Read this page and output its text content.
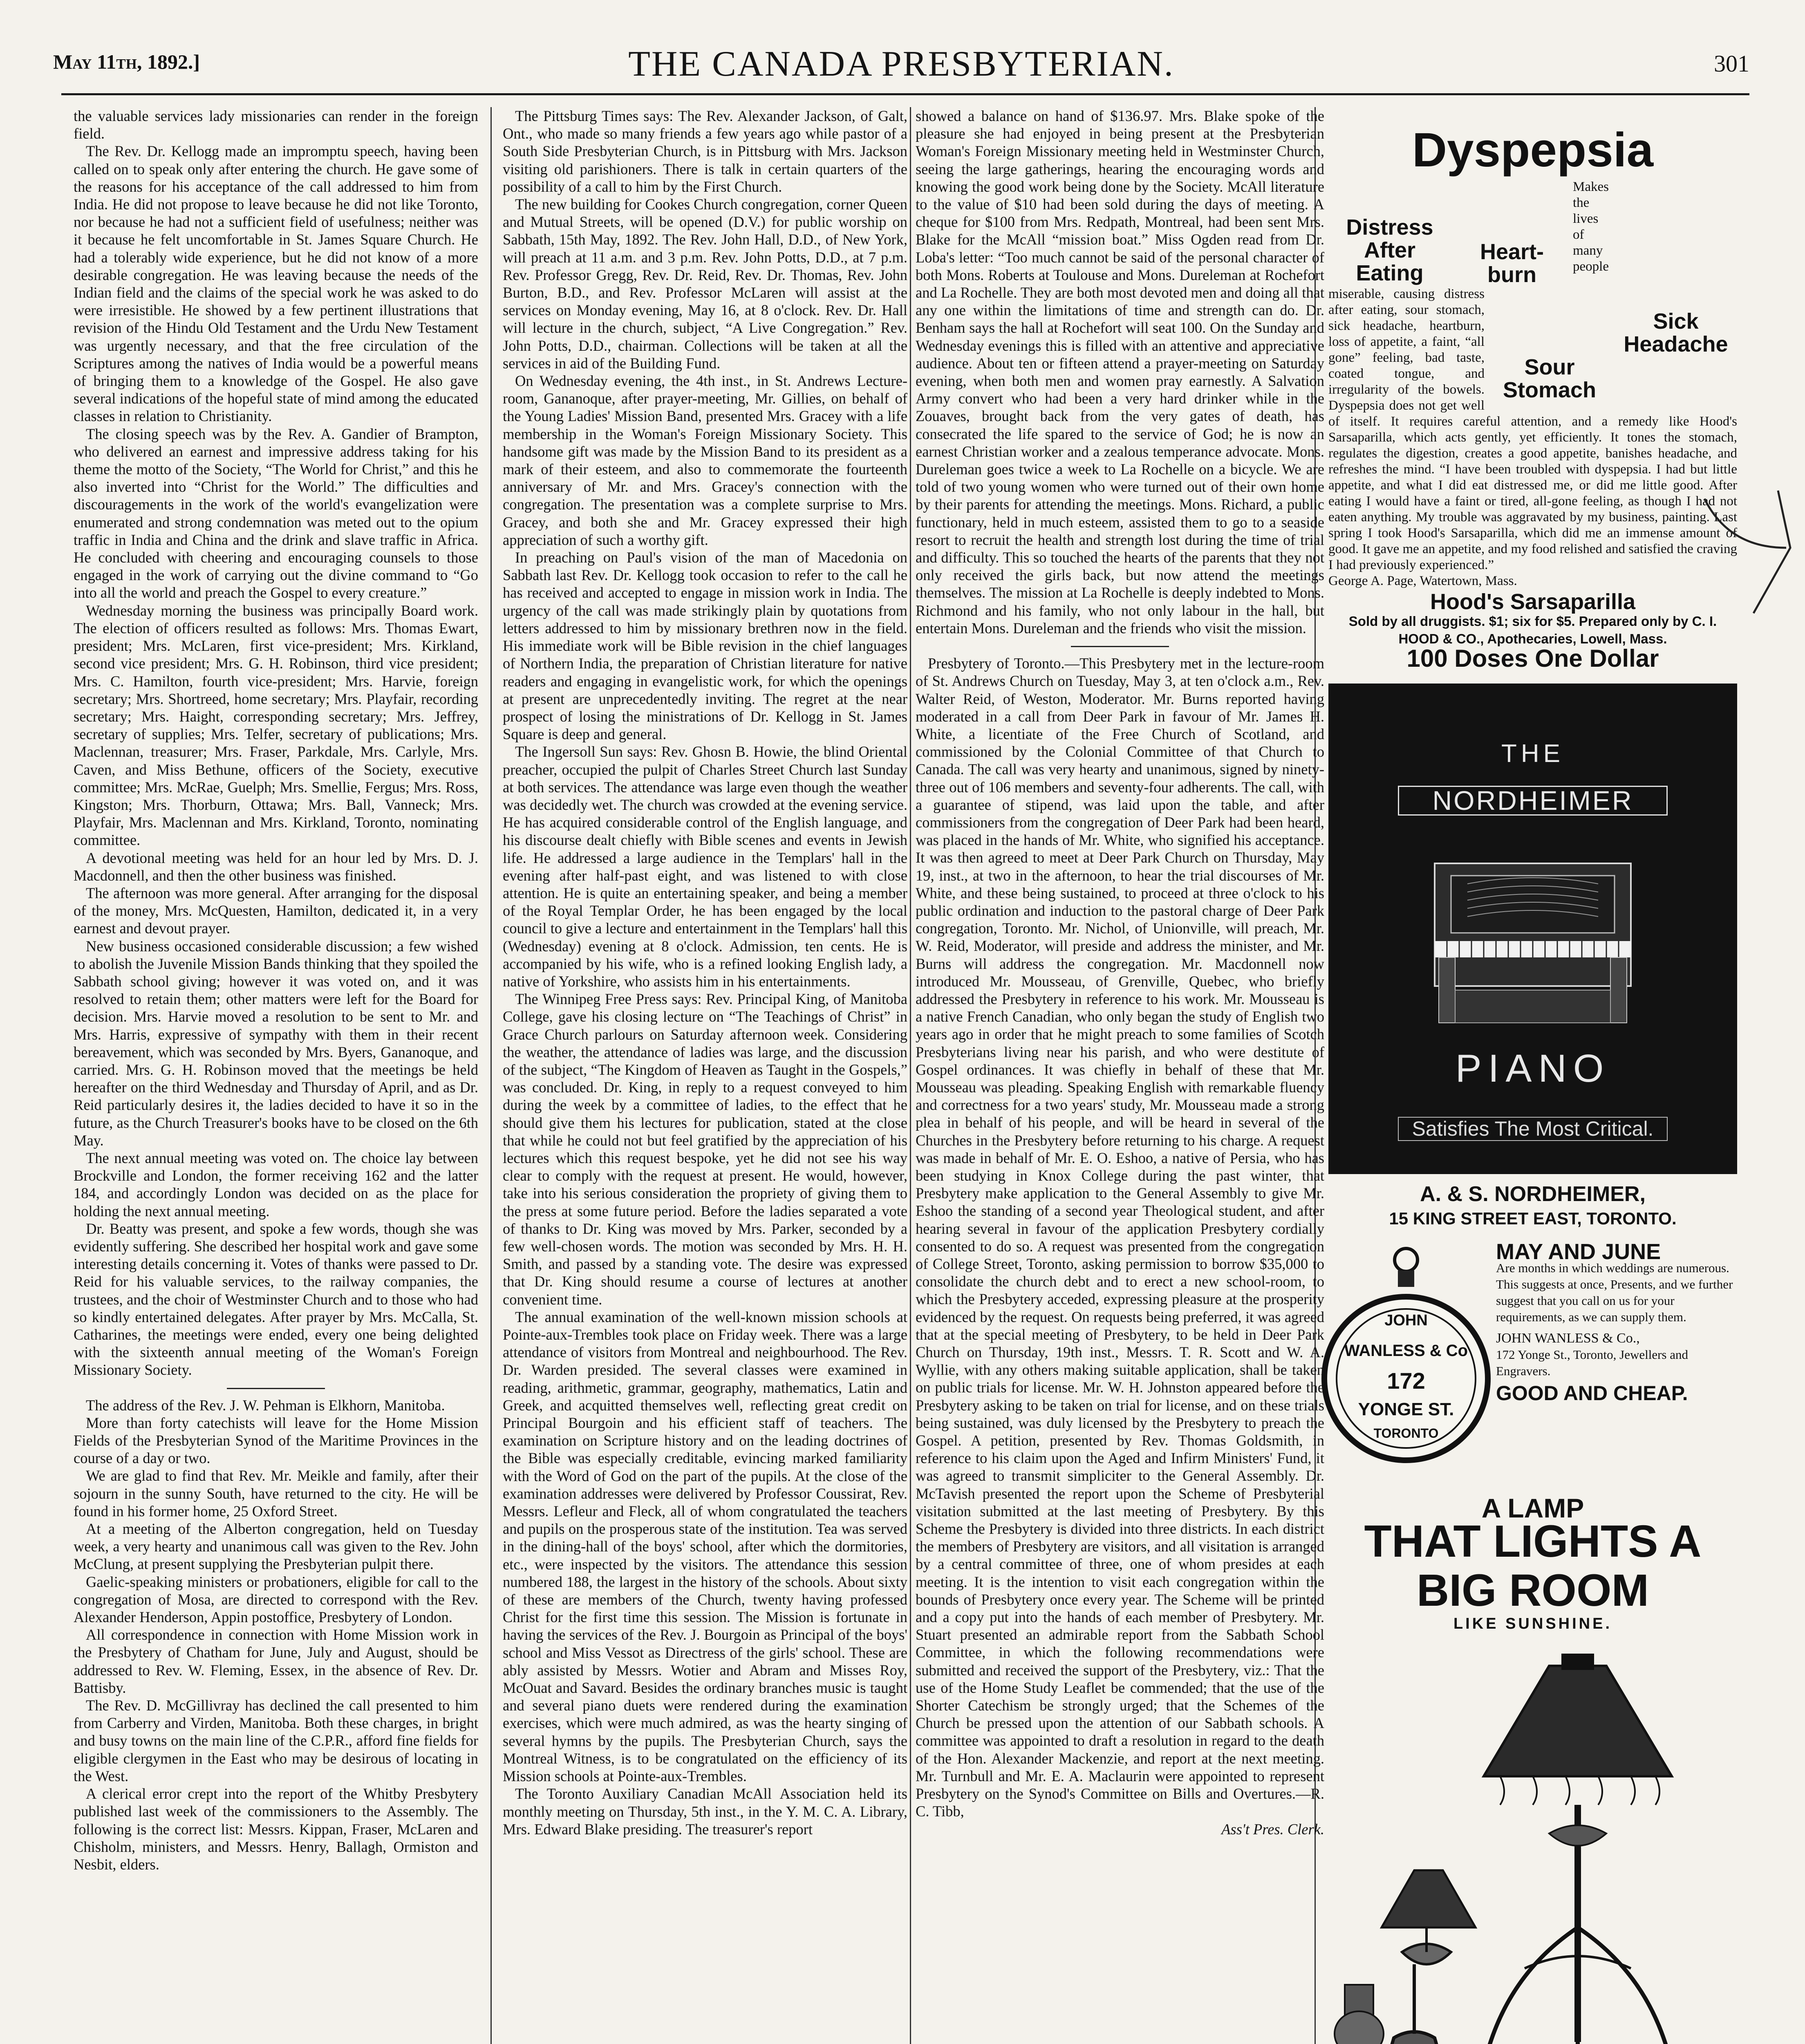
May 11th, 1892.]	THE CANADA PRESBYTERIAN.	301

the valuable services lady missionaries can render in the foreign field.

The Rev. Dr. Kellogg made an impromptu speech, having been called on to speak only after entering the church. He gave some of the reasons for his acceptance of the call addressed to him from India. He did not propose to leave because he did not like Toronto, nor because he had not a sufficient field of usefulness; neither was it because he felt uncomfortable in St. James Square Church. He had a tolerably wide experience, but he did not know of a more desirable congregation. He was leaving because the needs of the Indian field and the claims of the special work he was asked to do were irresistible. He showed by a few pertinent illustrations that revision of the Hindu Old Testament and the Urdu New Testament was urgently necessary, and that the free circulation of the Scriptures among the natives of India would be a powerful means of bringing them to a knowledge of the Gospel. He also gave several indications of the hopeful state of mind among the educated classes in relation to Christianity.

The closing speech was by the Rev. A. Gandier of Brampton, who delivered an earnest and impressive address taking for his theme the motto of the Society, “The World for Christ,” and this he also inverted into “Christ for the World.” The difficulties and discouragements in the work of the world's evangelization were enumerated and strong condemnation was meted out to the opium traffic in India and China and the drink and slave traffic in Africa. He concluded with cheering and encouraging counsels to those engaged in the work of carrying out the divine command to “Go into all the world and preach the Gospel to every creature.”

Wednesday morning the business was principally Board work. The election of officers resulted as follows: Mrs. Thomas Ewart, president; Mrs. McLaren, first vice-president; Mrs. Kirkland, second vice president; Mrs. G. H. Robinson, third vice president; Mrs. C. Hamilton, fourth vice-president; Mrs. Harvie, foreign secretary; Mrs. Shortreed, home secretary; Mrs. Playfair, recording secretary; Mrs. Haight, corresponding secretary; Mrs. Jeffrey, secretary of supplies; Mrs. Telfer, secretary of publications; Mrs. Maclennan, treasurer; Mrs. Fraser, Parkdale, Mrs. Carlyle, Mrs. Caven, and Miss Bethune, officers of the Society, executive committee; Mrs. McRae, Guelph; Mrs. Smellie, Fergus; Mrs. Ross, Kingston; Mrs. Thorburn, Ottawa; Mrs. Ball, Vanneck; Mrs. Playfair, Mrs. Maclennan and Mrs. Kirkland, Toronto, nominating committee.

A devotional meeting was held for an hour led by Mrs. D. J. Macdonnell, and then the other business was finished.

The afternoon was more general. After arranging for the disposal of the money, Mrs. McQuesten, Hamilton, dedicated it, in a very earnest and devout prayer.

New business occasioned considerable discussion; a few wished to abolish the Juvenile Mission Bands thinking that they spoiled the Sabbath school giving; however it was voted on, and it was resolved to retain them; other matters were left for the Board for decision. Mrs. Harvie moved a resolution to be sent to Mr. and Mrs. Harris, expressive of sympathy with them in their recent bereavement, which was seconded by Mrs. Byers, Gananoque, and carried. Mrs. G. H. Robinson moved that the meetings be held hereafter on the third Wednesday and Thursday of April, and as Dr. Reid particularly desires it, the ladies decided to have it so in the future, as the Church Treasurer's books have to be closed on the 6th May.

The next annual meeting was voted on. The choice lay between Brockville and London, the former receiving 162 and the latter 184, and accordingly London was decided on as the place for holding the next annual meeting.

Dr. Beatty was present, and spoke a few words, though she was evidently suffering. She described her hospital work and gave some interesting details concerning it. Votes of thanks were passed to Dr. Reid for his valuable services, to the railway companies, the trustees, and the choir of Westminster Church and to those who had so kindly entertained delegates. After prayer by Mrs. McCalla, St. Catharines, the meetings were ended, every one being delighted with the sixteenth annual meeting of the Woman's Foreign Missionary Society.

The address of the Rev. J. W. Pehman is Elkhorn, Manitoba.

More than forty catechists will leave for the Home Mission Fields of the Presbyterian Synod of the Maritime Provinces in the course of a day or two.

We are glad to find that Rev. Mr. Meikle and family, after their sojourn in the sunny South, have returned to the city. He will be found in his former home, 25 Oxford Street.

At a meeting of the Alberton congregation, held on Tuesday week, a very hearty and unanimous call was given to the Rev. John McClung, at present supplying the Presbyterian pulpit there.

Gaelic-speaking ministers or probationers, eligible for call to the congregation of Mosa, are directed to correspond with the Rev. Alexander Henderson, Appin postoffice, Presbytery of London.

All correspondence in connection with Home Mission work in the Presbytery of Chatham for June, July and August, should be addressed to Rev. W. Fleming, Essex, in the absence of Rev. Dr. Battisby.

The Rev. D. McGillivray has declined the call presented to him from Carberry and Virden, Manitoba. Both these charges, in bright and busy towns on the main line of the C.P.R., afford fine fields for eligible clergymen in the East who may be desirous of locating in the West.

A clerical error crept into the report of the Whitby Presbytery published last week of the commissioners to the Assembly. The following is the correct list: Messrs. Kippan, Fraser, McLaren and Chisholm, ministers, and Messrs. Henry, Ballagh, Ormiston and Nesbit, elders.

The Pittsburg Times says: The Rev. Alexander Jackson, of Galt, Ont., who made so many friends a few years ago while pastor of a South Side Presbyterian Church, is in Pittsburg with Mrs. Jackson visiting old parishioners. There is talk in certain quarters of the possibility of a call to him by the First Church.

The new building for Cookes Church congregation, corner Queen and Mutual Streets, will be opened (D.V.) for public worship on Sabbath, 15th May, 1892. The Rev. John Hall, D.D., of New York, will preach at 11 a.m. and 3 p.m. Rev. John Potts, D.D., at 7 p.m. Rev. Professor Gregg, Rev. Dr. Reid, Rev. Dr. Thomas, Rev. John Burton, B.D., and Rev. Professor McLaren will assist at the services on Monday evening, May 16, at 8 o'clock. Rev. Dr. Hall will lecture in the church, subject, “A Live Congregation.” Rev. John Potts, D.D., chairman. Collections will be taken at all the services in aid of the Building Fund.

On Wednesday evening, the 4th inst., in St. Andrews Lecture-room, Gananoque, after prayer-meeting, Mr. Gillies, on behalf of the Young Ladies' Mission Band, presented Mrs. Gracey with a life membership in the Woman's Foreign Missionary Society. This handsome gift was made by the Mission Band to its president as a mark of their esteem, and also to commemorate the fourteenth anniversary of Mr. and Mrs. Gracey's connection with the congregation. The presentation was a complete surprise to Mrs. Gracey, and both she and Mr. Gracey expressed their high appreciation of such a worthy gift.

In preaching on Paul's vision of the man of Macedonia on Sabbath last Rev. Dr. Kellogg took occasion to refer to the call he has received and accepted to engage in mission work in India. The urgency of the call was made strikingly plain by quotations from letters addressed to him by missionary brethren now in the field. His immediate work will be Bible revision in the chief languages of Northern India, the preparation of Christian literature for native readers and engaging in evangelistic work, for which the openings at present are unprecedentedly inviting. The regret at the near prospect of losing the ministrations of Dr. Kellogg in St. James Square is deep and general.

The Ingersoll Sun says: Rev. Ghosn B. Howie, the blind Oriental preacher, occupied the pulpit of Charles Street Church last Sunday at both services. The attendance was large even though the weather was decidedly wet. The church was crowded at the evening service. He has acquired considerable control of the English language, and his discourse dealt chiefly with Bible scenes and events in Jewish life. He addressed a large audience in the Templars' hall in the evening after half-past eight, and was listened to with close attention. He is quite an entertaining speaker, and being a member of the Royal Templar Order, he has been engaged by the local council to give a lecture and entertainment in the Templars' hall this (Wednesday) evening at 8 o'clock. Admission, ten cents. He is accompanied by his wife, who is a refined looking English lady, a native of Yorkshire, who assists him in his entertainments.

The Winnipeg Free Press says: Rev. Principal King, of Manitoba College, gave his closing lecture on “The Teachings of Christ” in Grace Church parlours on Saturday afternoon week. Considering the weather, the attendance of ladies was large, and the discussion of the subject, “The Kingdom of Heaven as Taught in the Gospels,” was concluded. Dr. King, in reply to a request conveyed to him during the week by a committee of ladies, to the effect that he should give them his lectures for publication, stated at the close that while he could not but feel gratified by the appreciation of his lectures which this request bespoke, yet he did not see his way clear to comply with the request at present. He would, however, take into his serious consideration the propriety of giving them to the press at some future period. Before the ladies separated a vote of thanks to Dr. King was moved by Mrs. Parker, seconded by a few well-chosen words. The motion was seconded by Mrs. H. H. Smith, and passed by a standing vote. The desire was expressed that Dr. King should resume a course of lectures at another convenient time.

The annual examination of the well-known mission schools at Pointe-aux-Trembles took place on Friday week. There was a large attendance of visitors from Montreal and neighbourhood. The Rev. Dr. Warden presided. The several classes were examined in reading, arithmetic, grammar, geography, mathematics, Latin and Greek, and acquitted themselves well, reflecting great credit on Principal Bourgoin and his efficient staff of teachers. The examination on Scripture history and on the leading doctrines of the Bible was especially creditable, evincing marked familiarity with the Word of God on the part of the pupils. At the close of the examination addresses were delivered by Professor Coussirat, Rev. Messrs. Lefleur and Fleck, all of whom congratulated the teachers and pupils on the prosperous state of the institution. Tea was served in the dining-hall of the boys' school, after which the dormitories, etc., were inspected by the visitors. The attendance this session numbered 188, the largest in the history of the schools. About sixty of these are members of the Church, twenty having professed Christ for the first time this session. The Mission is fortunate in having the services of the Rev. J. Bourgoin as Principal of the boys' school and Miss Vessot as Directress of the girls' school. These are ably assisted by Messrs. Wotier and Abram and Misses Roy, McOuat and Savard. Besides the ordinary branches music is taught and several piano duets were rendered during the examination exercises, which were much admired, as was the hearty singing of several hymns by the pupils. The Presbyterian Church, says the Montreal Witness, is to be congratulated on the efficiency of its Mission schools at Pointe-aux-Trembles.

The Toronto Auxiliary Canadian McAll Association held its monthly meeting on Thursday, 5th inst., in the Y. M. C. A. Library, Mrs. Edward Blake presiding. The treasurer's report

showed a balance on hand of $136.97. Mrs. Blake spoke of the pleasure she had enjoyed in being present at the Presbyterian Woman's Foreign Missionary meeting held in Westminster Church, seeing the large gatherings, hearing the encouraging words and knowing the good work being done by the Society. McAll literature to the value of $10 had been sold during the days of meeting. A cheque for $100 from Mrs. Redpath, Montreal, had been sent Mrs. Blake for the McAll “mission boat.” Miss Ogden read from Dr. Loba's letter: “Too much cannot be said of the personal character of both Mons. Roberts at Toulouse and Mons. Dureleman at Rochefort and La Rochelle. They are both most devoted men and doing all that any one within the limitations of time and strength can do. Dr. Benham says the hall at Rochefort will seat 100. On the Sunday and Wednesday evenings this is filled with an attentive and appreciative audience. About ten or fifteen attend a prayer-meeting on Saturday evening, when both men and women pray earnestly. A Salvation Army convert who had been a very hard drinker while in the Zouaves, brought back from the very gates of death, has consecrated the life spared to the service of God; he is now an earnest Christian worker and a zealous temperance advocate. Mons. Dureleman goes twice a week to La Rochelle on a bicycle. We are told of two young women who were turned out of their own home by their parents for attending the meetings. Mons. Richard, a public functionary, held in much esteem, assisted them to go to a seaside resort to recruit the health and strength lost during the time of trial and difficulty. This so touched the hearts of the parents that they not only received the girls back, but now attend the meetings themselves. The mission at La Rochelle is deeply indebted to Mons. Richmond and his family, who not only labour in the hall, but entertain Mons. Dureleman and the friends who visit the mission.

Presbytery of Toronto.—This Presbytery met in the lecture-room of St. Andrews Church on Tuesday, May 3, at ten o'clock a.m., Rev. Walter Reid, of Weston, Moderator. Mr. Burns reported having moderated in a call from Deer Park in favour of Mr. James H. White, a licentiate of the Free Church of Scotland, and commissioned by the Colonial Committee of that Church to Canada. The call was very hearty and unanimous, signed by ninety-three out of 106 members and seventy-four adherents. The call, with a guarantee of stipend, was laid upon the table, and after commissioners from the congregation of Deer Park had been heard, was placed in the hands of Mr. White, who signified his acceptance. It was then agreed to meet at Deer Park Church on Thursday, May 19, inst., at two in the afternoon, to hear the trial discourses of Mr. White, and these being sustained, to proceed at three o'clock to his public ordination and induction to the pastoral charge of Deer Park congregation, Toronto. Mr. Nichol, of Unionville, will preach, Mr. W. Reid, Moderator, will preside and address the minister, and Mr. Burns will address the congregation. Mr. Macdonnell now introduced Mr. Mousseau, of Grenville, Quebec, who briefly addressed the Presbytery in reference to his work. Mr. Mousseau is a native French Canadian, who only began the study of English two years ago in order that he might preach to some families of Scotch Presbyterians living near his parish, and who were destitute of Gospel ordinances. It was chiefly in behalf of these that Mr. Mousseau was pleading. Speaking English with remarkable fluency and correctness for a two years' study, Mr. Mousseau made a strong plea in behalf of his people, and will be heard in several of the Churches in the Presbytery before returning to his charge. A request was made in behalf of Mr. E. O. Eshoo, a native of Persia, who has been studying in Knox College during the past winter, that Presbytery make application to the General Assembly to give Mr. Eshoo the standing of a second year Theological student, and after hearing several in favour of the application Presbytery cordially consented to do so. A request was presented from the congregation of College Street, Toronto, asking permission to borrow $35,000 to consolidate the church debt and to erect a new school-room, to which the Presbytery acceded, expressing pleasure at the prosperity evidenced by the request. On requests being preferred, it was agreed that at the special meeting of Presbytery, to be held in Deer Park Church on Thursday, 19th inst., Messrs. T. R. Scott and W. A. Wyllie, with any others making suitable application, shall be taken on public trials for license. Mr. W. H. Johnston appeared before the Presbytery asking to be taken on trial for license, and on these trials being sustained, was duly licensed by the Presbytery to preach the Gospel. A petition, presented by Rev. Thomas Goldsmith, in reference to his claim upon the Aged and Infirm Ministers' Fund, it was agreed to transmit simpliciter to the General Assembly. Dr. McTavish presented the report upon the Scheme of Presbyterial visitation submitted at the last meeting of Presbytery. By this Scheme the Presbytery is divided into three districts. In each district the members of Presbytery are visitors, and all visitation is arranged by a central committee of three, one of whom presides at each meeting. It is the intention to visit each congregation within the bounds of Presbytery once every year. The Scheme will be printed and a copy put into the hands of each member of Presbytery. Mr. Stuart presented an admirable report from the Sabbath School Committee, in which the following recommendations were submitted and received the support of the Presbytery, viz.: That the use of the Home Study Leaflet be commended; that the use of the Shorter Catechism be strongly urged; that the Schemes of the Church be pressed upon the attention of our Sabbath schools. A committee was appointed to draft a resolution in regard to the death of the Hon. Alexander Mackenzie, and report at the next meeting. Mr. Turnbull and Mr. E. A. Maclaurin were appointed to represent Presbytery on the Synod's Committee on Bills and Overtures.—R. C. Tibb,

Ass't Pres. Clerk.

Dyspepsia
Distress
After
Eating
Sick
Headache
Heart-
burn
Sour
Stomach
Makes the lives of many people miserable, causing distress after eating, sour stomach, sick headache, heartburn, loss of appetite, a faint, “all gone” feeling, bad taste, coated tongue, and irregularity of the bowels. Dyspepsia does not get well of itself. It requires careful attention, and a remedy like Hood's Sarsaparilla, which acts gently, yet efficiently. It tones the stomach, regulates the digestion, creates a good appetite, banishes headache, and refreshes the mind. “I have been troubled with dyspepsia. I had but little appetite, and what I did eat distressed me, or did me little good. After eating I would have a faint or tired, all-gone feeling, as though I had not eaten anything. My trouble was aggravated by my business, painting. Last spring I took Hood's Sarsaparilla, which did me an immense amount of good. It gave me an appetite, and my food relished and satisfied the craving I had previously experienced.”
George A. Page, Watertown, Mass.
Hood's Sarsaparilla
Sold by all druggists. $1; six for $5. Prepared only by C. I. HOOD & CO., Apothecaries, Lowell, Mass.
100 Doses One Dollar
THE
NORDHEIMER
PIANO
Satisfies The Most Critical.
A. & S. NORDHEIMER,
15 KING STREET EAST, TORONTO.
JOHN
WANLESS & Co
172
YONGE ST.
TORONTO
MAY AND JUNE
Are months in which weddings are numerous. This suggests at once, Presents, and we further suggest that you call on us for your requirements, as we can supply them.
JOHN WANLESS & Co.,
172 Yonge St., Toronto, Jewellers and Engravers.
GOOD AND CHEAP.
A LAMP
THAT LIGHTS A BIG ROOM
LIKE SUNSHINE.
